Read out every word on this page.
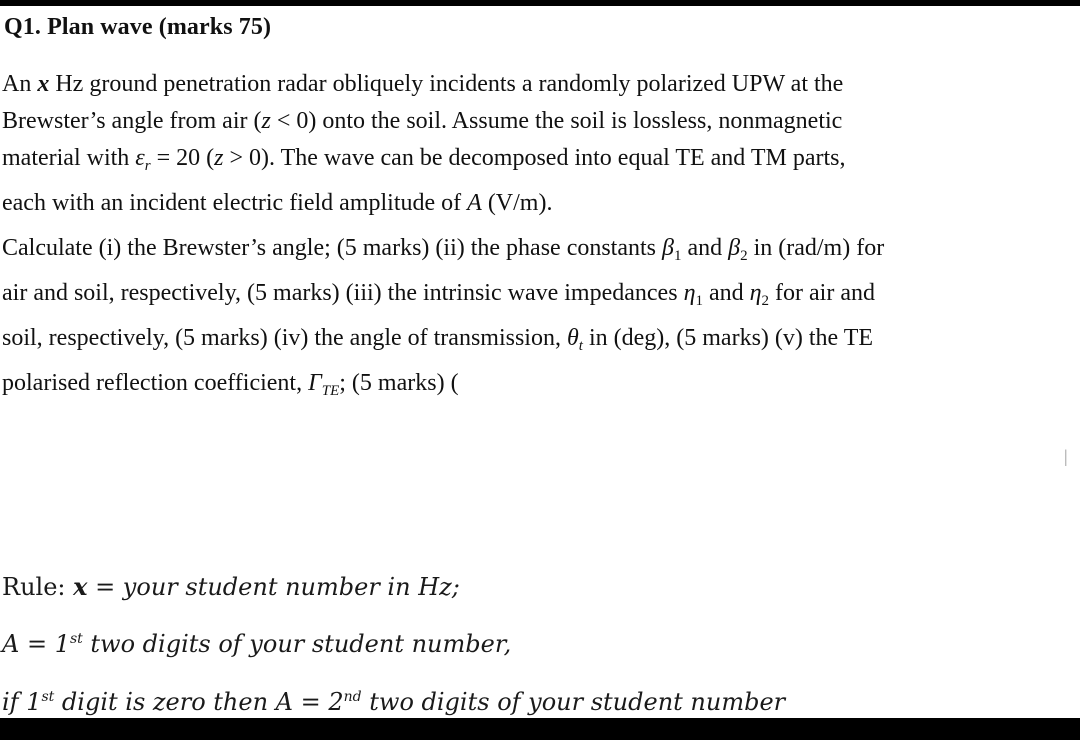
Q1. Plan wave (marks 75)
An x Hz ground penetration radar obliquely incidents a randomly polarized UPW at the
Brewster’s angle from air (z < 0) onto the soil. Assume the soil is lossless, nonmagnetic
material with $\varepsilon_r = 20$ (z > 0). The wave can be decomposed into equal TE and TM parts,
each with an incident electric field amplitude of A (V/m).
Calculate (i) the Brewster’s angle; (5 marks) (ii) the phase constants $\beta_1$ and $\beta_2$ in (rad/m) for
air and soil, respectively, (5 marks) (iii) the intrinsic wave impedances $\eta_1$ and $\eta_2$ for air and
soil, respectively, (5 marks) (iv) the angle of transmission, $\theta_t$ in (deg), (5 marks) (v) the TE
polarised reflection coefficient, $\Gamma_{TE}$; (5 marks) (
|
Rule: x = your student number in Hz;
A = 1st two digits of your student number,
if 1st digit is zero then A = 2nd two digits of your student number
